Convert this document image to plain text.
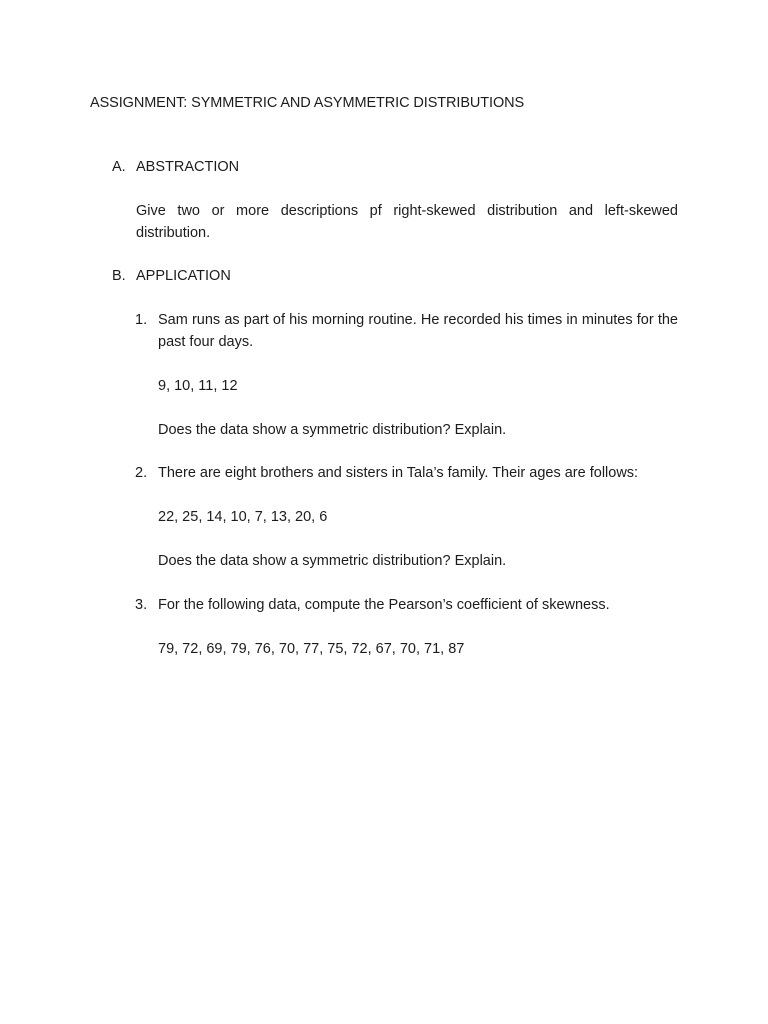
ASSIGNMENT: SYMMETRIC AND ASYMMETRIC DISTRIBUTIONS
A. ABSTRACTION
Give two or more descriptions pf right-skewed distribution and left-skewed distribution.
B. APPLICATION
1. Sam runs as part of his morning routine. He recorded his times in minutes for the past four days.
9, 10, 11, 12
Does the data show a symmetric distribution? Explain.
2. There are eight brothers and sisters in Tala’s family. Their ages are follows:
22, 25, 14, 10, 7, 13, 20, 6
Does the data show a symmetric distribution? Explain.
3. For the following data, compute the Pearson’s coefficient of skewness.
79, 72, 69, 79, 76, 70, 77, 75, 72, 67, 70, 71, 87
